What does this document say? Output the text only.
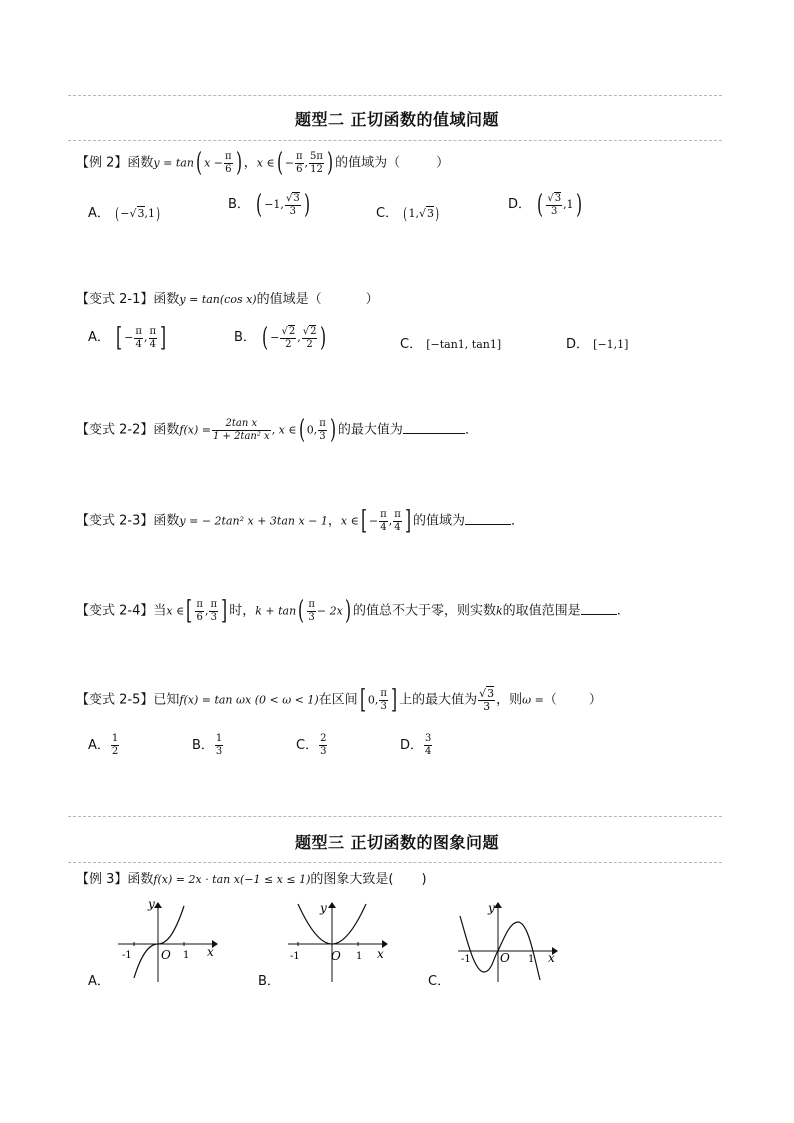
题型二 正切函数的值域问题
【例 2】函数y = tan( $x - \frac{\pi}{6}$ ) ，x ∈( − $\frac{\pi}{6}$ , $\frac{5\pi}{12}$ ) 的值域为（	）
A． (−√3,1)	B． ( −1, $\frac{√3}{3}$ )	C． (1,√3)	D． ( $\frac{√3}{3} ,1$)
【变式 2-1】函数y = tan(cos x)的值域是（	）
A． [ − $\frac{\pi}{4}$ , $\frac{\pi}{4}$ ]	B． ( − $\frac{√2}{2}$ , $\frac{√2}{2}$ )	C． [−tan1, tan1]	D． [−1,1]
【变式 2-2】函数$f(x) = \frac{\text{2tan x}}{\text{1 + 2tan² x}}$ , x ∈( 0, $\frac{\pi}{3}$ ) 的最大值为	．
【变式 2-3】函数y = − 2tan² x + 3tan x − 1，x ∈[ − $\frac{\pi}{4}$ , $\frac{\pi}{4}$ ] 的值域为	．
【变式 2-4】当x ∈[ $\frac{\pi}{6}$ , $\frac{\pi}{3}$ ] 时，$k + \tan( \frac{\pi}{3} - 2x)$ 的值总不大于零，则实数k的取值范围是	.
【变式 2-5】已知f(x) = tan ωx (0 < ω < 1)在区间[ 0, $\frac{\pi}{3}$ ] 上的最大值为 $\frac{√3}{3}$ ，则ω =（ ）
A． $\frac{1}{2}$	B． $\frac{1}{3}$	C． $\frac{2}{3}$	D． $\frac{3}{4}$
题型三 正切函数的图象问题
【例 3】函数f(x) = 2x · tan x(−1 ≤ x ≤ 1)的图象大致是( )
A．
y
x
O
-1	1
B．
y
x
O
-1	1
C．
y
x
O
-1	1
